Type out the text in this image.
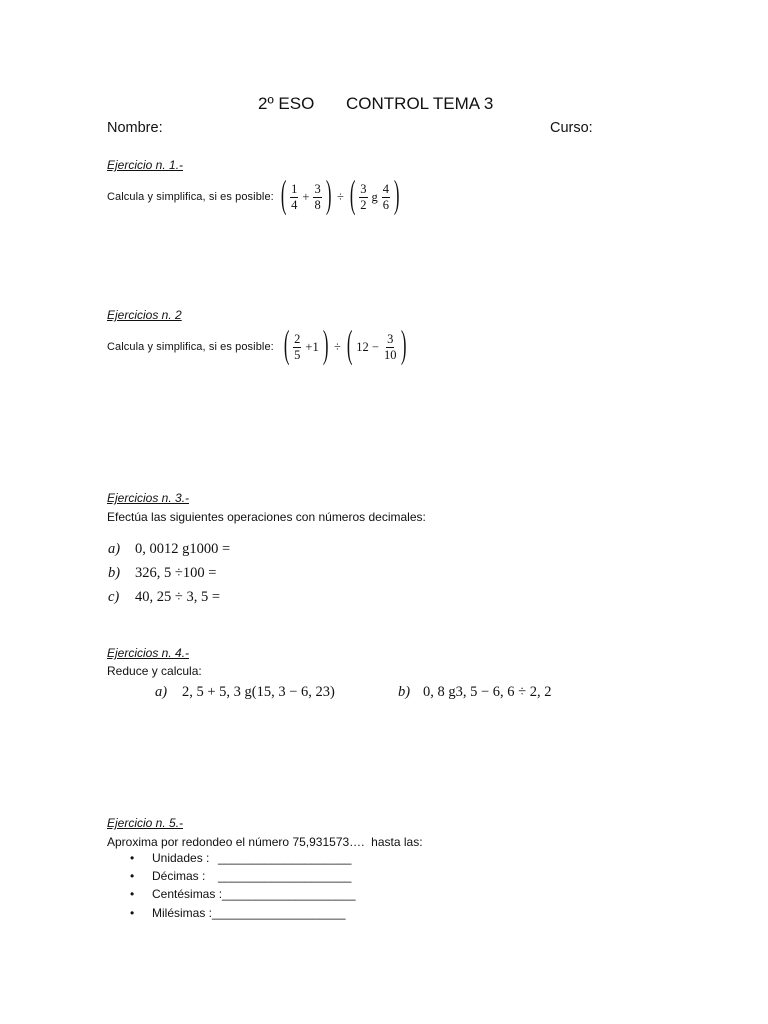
2º ESO CONTROL TEMA 3
Nombre:	Curso:
Ejercicio n. 1.-
Calcula y simplifica, si es posible: ( $\frac{1}{4} + \frac{3}{8}$ ) ÷ ( $\frac{3}{2}$ g $\frac{4}{6}$ )
Ejercicios n. 2
Calcula y simplifica, si es posible: ( $\frac{2}{5} +1$ ) ÷ ( $12 - \frac{3}{10}$ )
Ejercicios n. 3.-
Efectúa las siguientes operaciones con números decimales:
a) 0, 0012 g1000 =
b) 326, 5 ÷100 =
c) 40, 25 ÷ 3, 5 =
Ejercicios n. 4.-
Reduce y calcula:
a) 2, 5 + 5, 3 g(15, 3 − 6, 23)	b) 0, 8 g3, 5 − 6, 6 ÷ 2, 2
Ejercicio n. 5.-
Aproxima por redondeo el número 75,931573….  hasta las:
•	Unidades : ____________________
•	Décimas :	____________________
•	Centésimas : ____________________
•	Milésimas : ____________________
